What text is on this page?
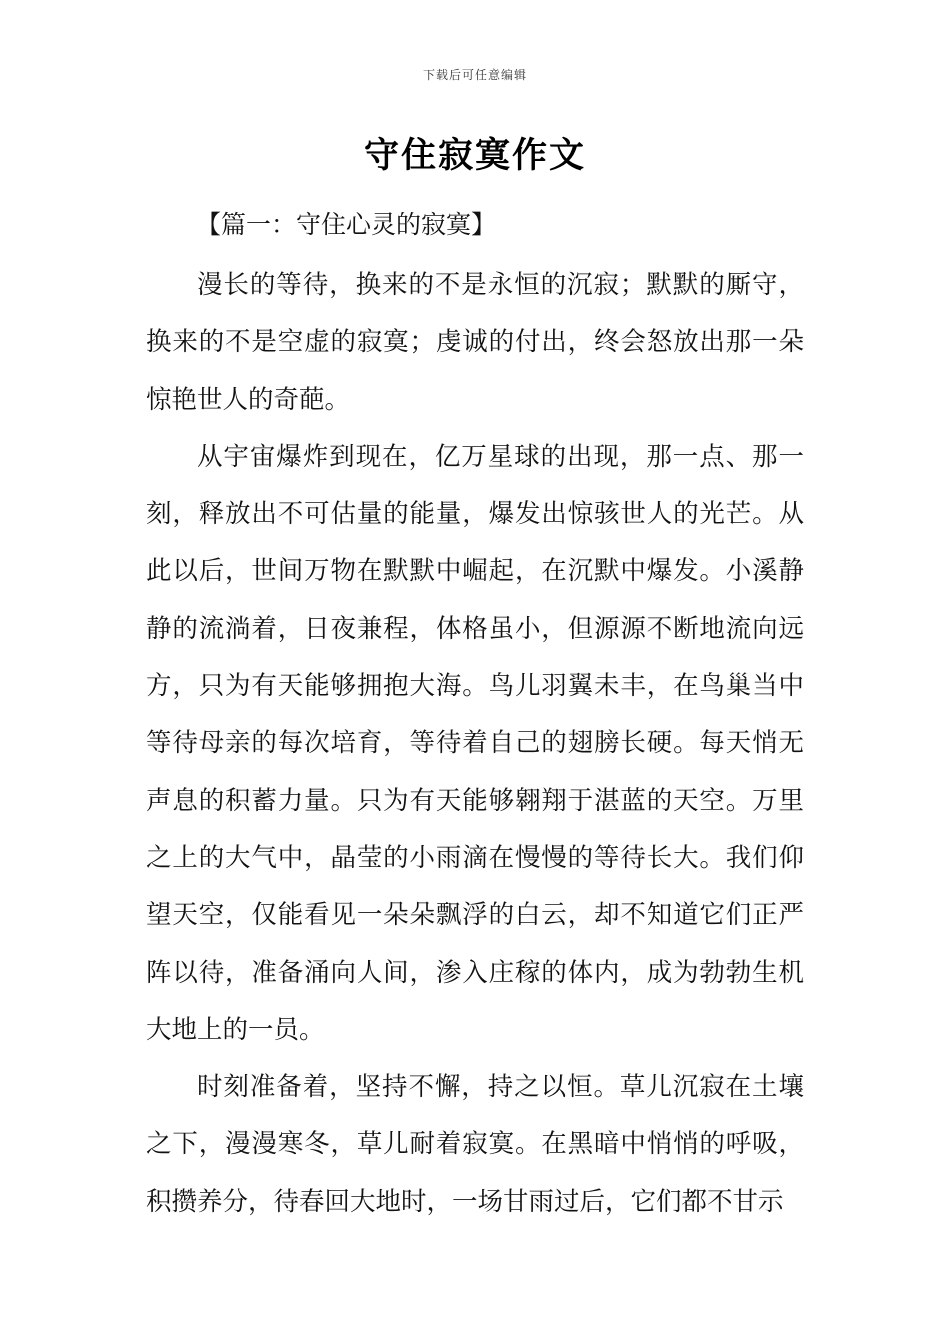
下载后可任意编辑
守住寂寞作文
【篇一：守住心灵的寂寞】

漫长的等待，换来的不是永恒的沉寂；默默的厮守，换来的不是空虚的寂寞；虔诚的付出，终会怒放出那一朵惊艳世人的奇葩。

从宇宙爆炸到现在，亿万星球的出现，那一点、那一刻，释放出不可估量的能量，爆发出惊骇世人的光芒。从此以后，世间万物在默默中崛起，在沉默中爆发。小溪静静的流淌着，日夜兼程，体格虽小，但源源不断地流向远方，只为有天能够拥抱大海。鸟儿羽翼未丰，在鸟巢当中等待母亲的每次培育，等待着自己的翅膀长硬。每天悄无声息的积蓄力量。只为有天能够翱翔于湛蓝的天空。万里之上的大气中，晶莹的小雨滴在慢慢的等待长大。我们仰望天空，仅能看见一朵朵飘浮的白云，却不知道它们正严阵以待，准备涌向人间，渗入庄稼的体内，成为勃勃生机大地上的一员。

时刻准备着，坚持不懈，持之以恒。草儿沉寂在土壤之下，漫漫寒冬，草儿耐着寂寞。在黑暗中悄悄的呼吸，积攒养分，待春回大地时，一场甘雨过后，它们都不甘示
